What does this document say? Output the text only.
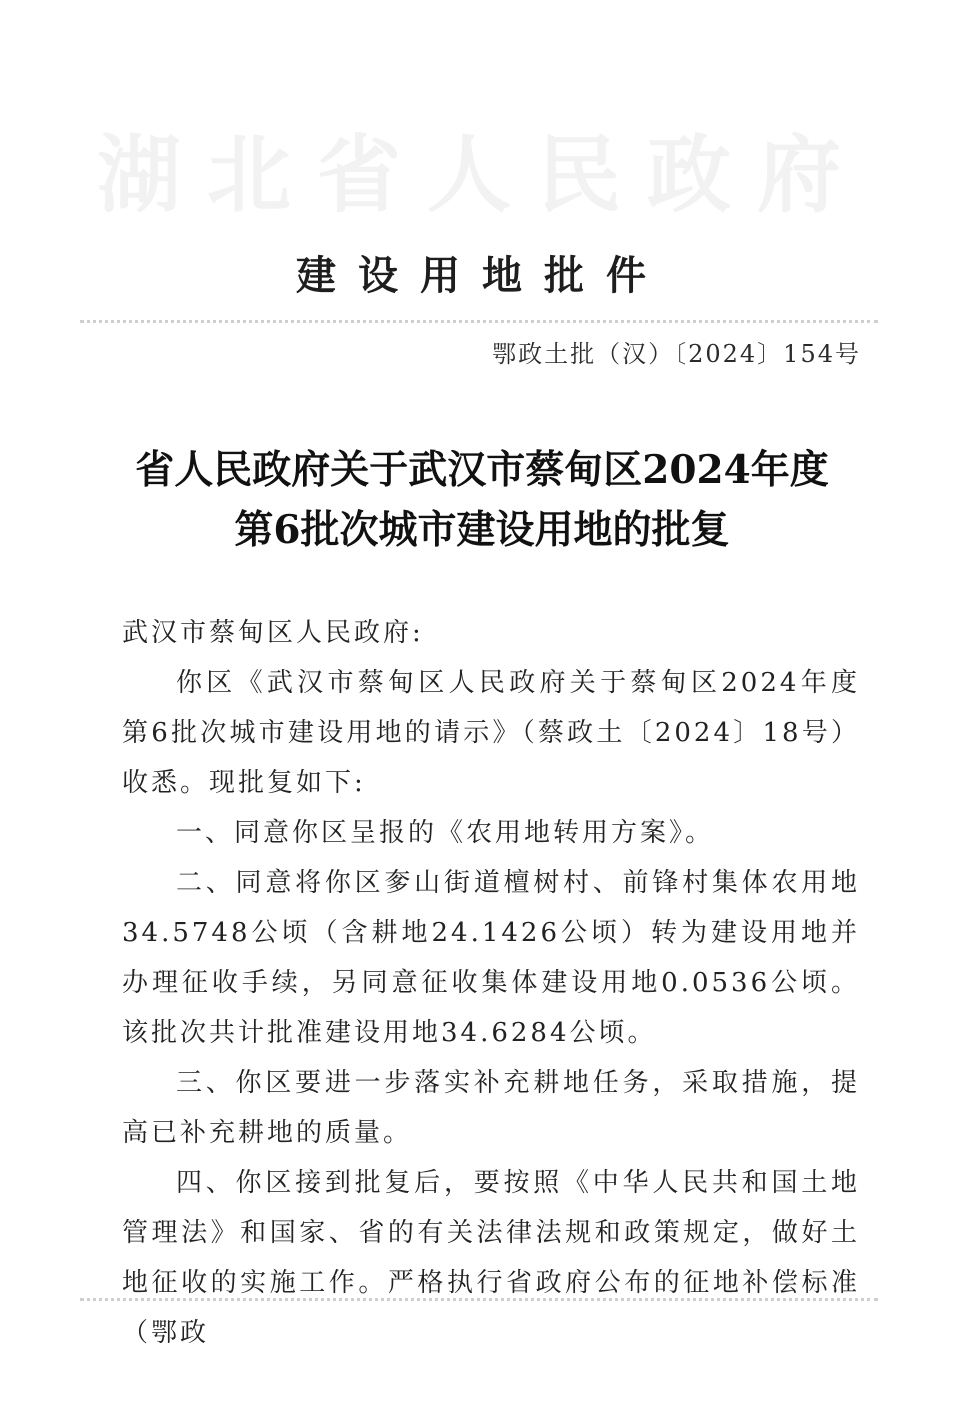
湖北省人民政府
建设用地批件
鄂政土批（汉）〔2024〕154号
省人民政府关于武汉市蔡甸区2024年度
第6批次城市建设用地的批复

武汉市蔡甸区人民政府:

你区《武汉市蔡甸区人民政府关于蔡甸区2024年度第6批次城市建设用地的请示》（蔡政土〔2024〕18号）收悉。现批复如下:

一、同意你区呈报的《农用地转用方案》。

二、同意将你区奓山街道檀树村、前锋村集体农用地34.5748公顷（含耕地24.1426公顷）转为建设用地并办理征收手续，另同意征收集体建设用地0.0536公顷。该批次共计批准建设用地34.6284公顷。

三、你区要进一步落实补充耕地任务，采取措施，提高已补充耕地的质量。

四、你区接到批复后，要按照《中华人民共和国土地管理法》和国家、省的有关法律法规和政策规定，做好土地征收的实施工作。严格执行省政府公布的征地补偿标准（鄂政
